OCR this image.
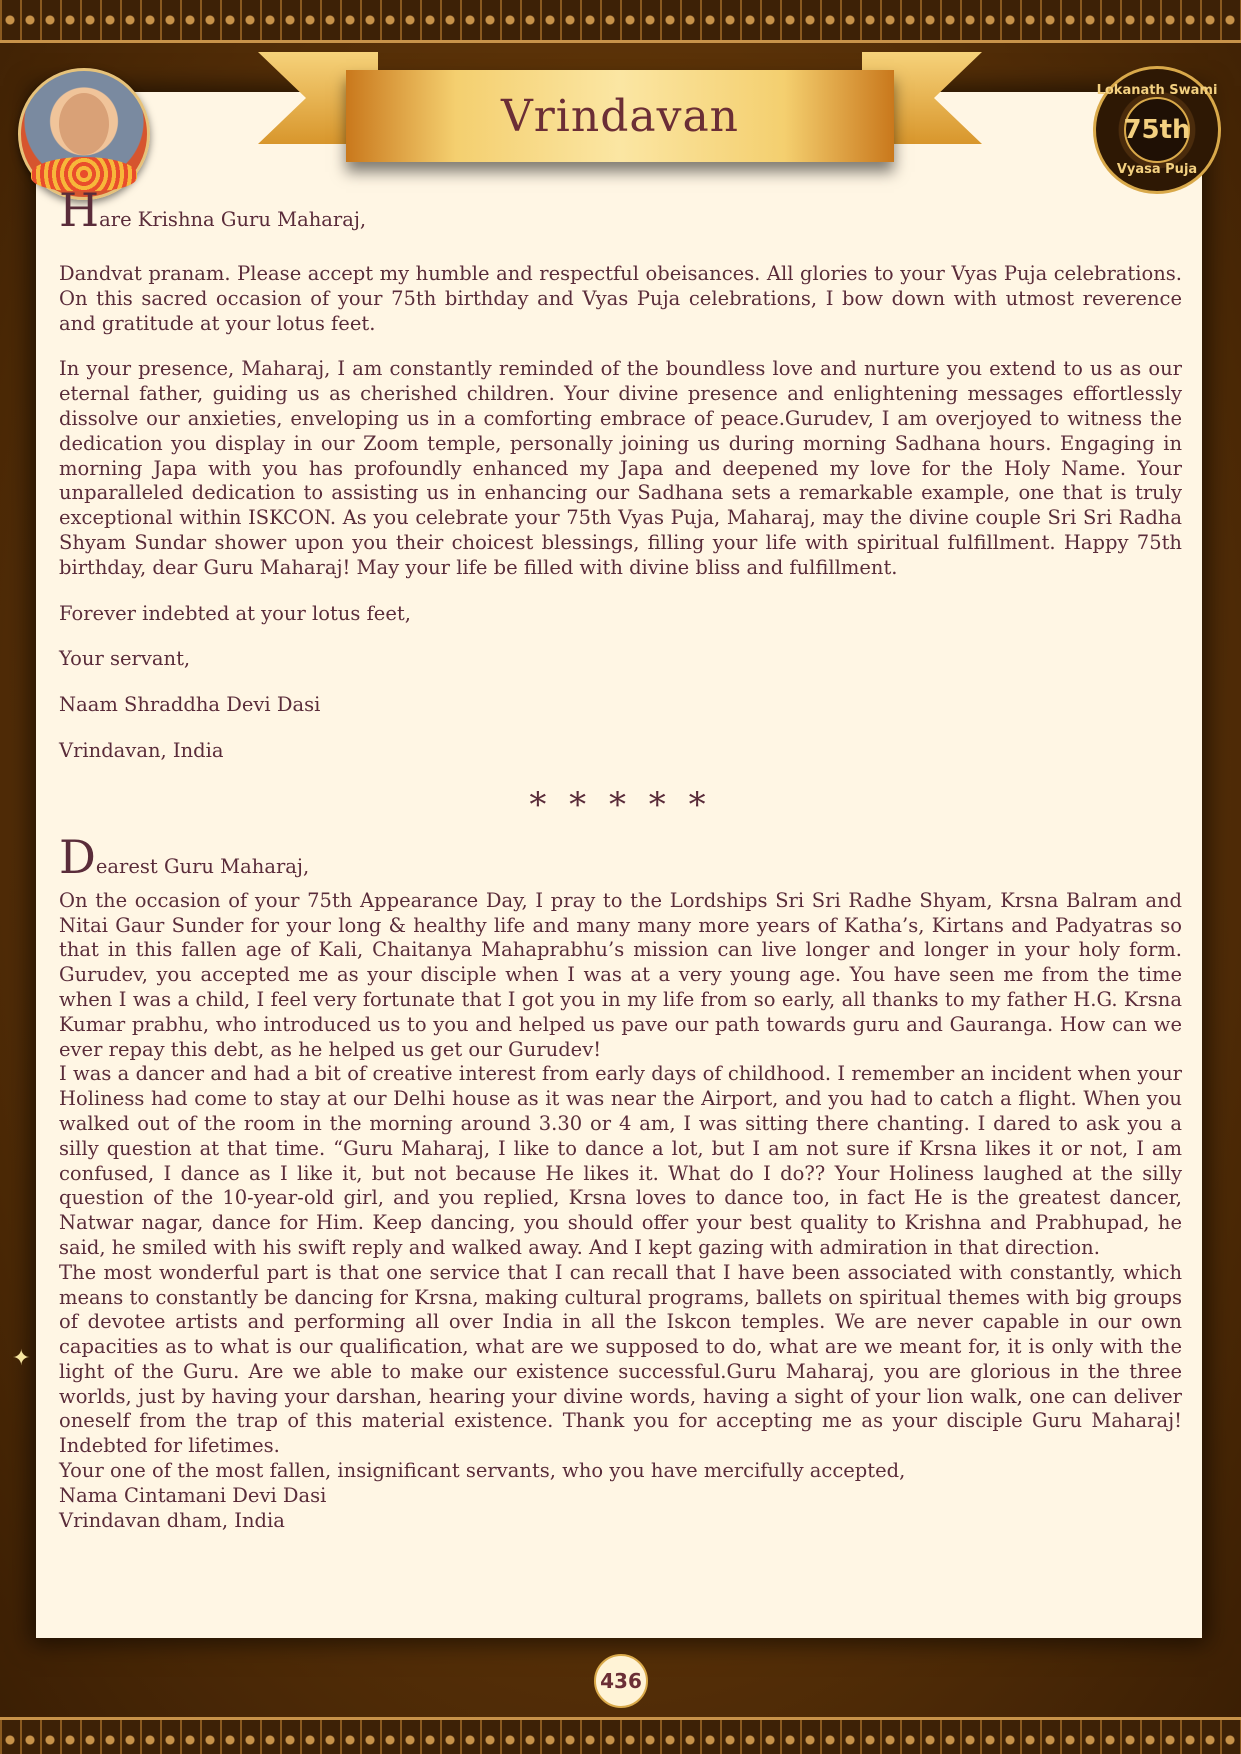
Vrindavan	Lokanath Swami
75th
Vyasa Puja
✦
Hare Krishna Guru Maharaj,

Dandvat pranam. Please accept my humble and respectful obeisances. All glories to your Vyas Puja celebrations. On this sacred occasion of your 75th birthday and Vyas Puja celebrations, I bow down with utmost reverence and gratitude at your lotus feet.

In your presence, Maharaj, I am constantly reminded of the boundless love and nurture you extend to us as our eternal father, guiding us as cherished children. Your divine presence and enlightening messages effortlessly dissolve our anxieties, enveloping us in a comforting embrace of peace.Gurudev, I am overjoyed to witness the dedication you display in our Zoom temple, personally joining us during morning Sadhana hours. Engaging in morning Japa with you has profoundly enhanced my Japa and deepened my love for the Holy Name. Your unparalleled dedication to assisting us in enhancing our Sadhana sets a remarkable example, one that is truly exceptional within ISKCON. As you celebrate your 75th Vyas Puja, Maharaj, may the divine couple Sri Sri Radha Shyam Sundar shower upon you their choicest blessings, filling your life with spiritual fulfillment. Happy 75th birthday, dear Guru Maharaj! May your life be filled with divine bliss and fulfillment.

Forever indebted at your lotus feet,

Your servant,

Naam Shraddha Devi Dasi

Vrindavan, India

* * * * *
Dearest Guru Maharaj,

On the occasion of your 75th Appearance Day, I pray to the Lordships Sri Sri Radhe Shyam, Krsna Balram and Nitai Gaur Sunder for your long & healthy life and many many more years of Katha’s, Kirtans and Padyatras so that in this fallen age of Kali, Chaitanya Mahaprabhu’s mission can live longer and longer in your holy form. Gurudev, you accepted me as your disciple when I was at a very young age. You have seen me from the time when I was a child, I feel very fortunate that I got you in my life from so early, all thanks to my father H.G. Krsna Kumar prabhu, who introduced us to you and helped us pave our path towards guru and Gauranga. How can we ever repay this debt, as he helped us get our Gurudev!

I was a dancer and had a bit of creative interest from early days of childhood. I remember an incident when your Holiness had come to stay at our Delhi house as it was near the Airport, and you had to catch a flight. When you walked out of the room in the morning around 3.30 or 4 am, I was sitting there chanting. I dared to ask you a silly question at that time. “Guru Maharaj, I like to dance a lot, but I am not sure if Krsna likes it or not, I am confused, I dance as I like it, but not because He likes it. What do I do?? Your Holiness laughed at the silly question of the 10-year-old girl, and you replied, Krsna loves to dance too, in fact He is the greatest dancer, Natwar nagar, dance for Him. Keep dancing, you should offer your best quality to Krishna and Prabhupad, he said, he smiled with his swift reply and walked away. And I kept gazing with admiration in that direction.

The most wonderful part is that one service that I can recall that I have been associated with constantly, which means to constantly be dancing for Krsna, making cultural programs, ballets on spiritual themes with big groups of devotee artists and performing all over India in all the Iskcon temples. We are never capable in our own capacities as to what is our qualification, what are we supposed to do, what are we meant for, it is only with the light of the Guru. Are we able to make our existence successful.Guru Maharaj, you are glorious in the three worlds, just by having your darshan, hearing your divine words, having a sight of your lion walk, one can deliver oneself from the trap of this material existence. Thank you for accepting me as your disciple Guru Maharaj! Indebted for lifetimes.

Your one of the most fallen, insignificant servants, who you have mercifully accepted,

Nama Cintamani Devi Dasi

Vrindavan dham, India

436
